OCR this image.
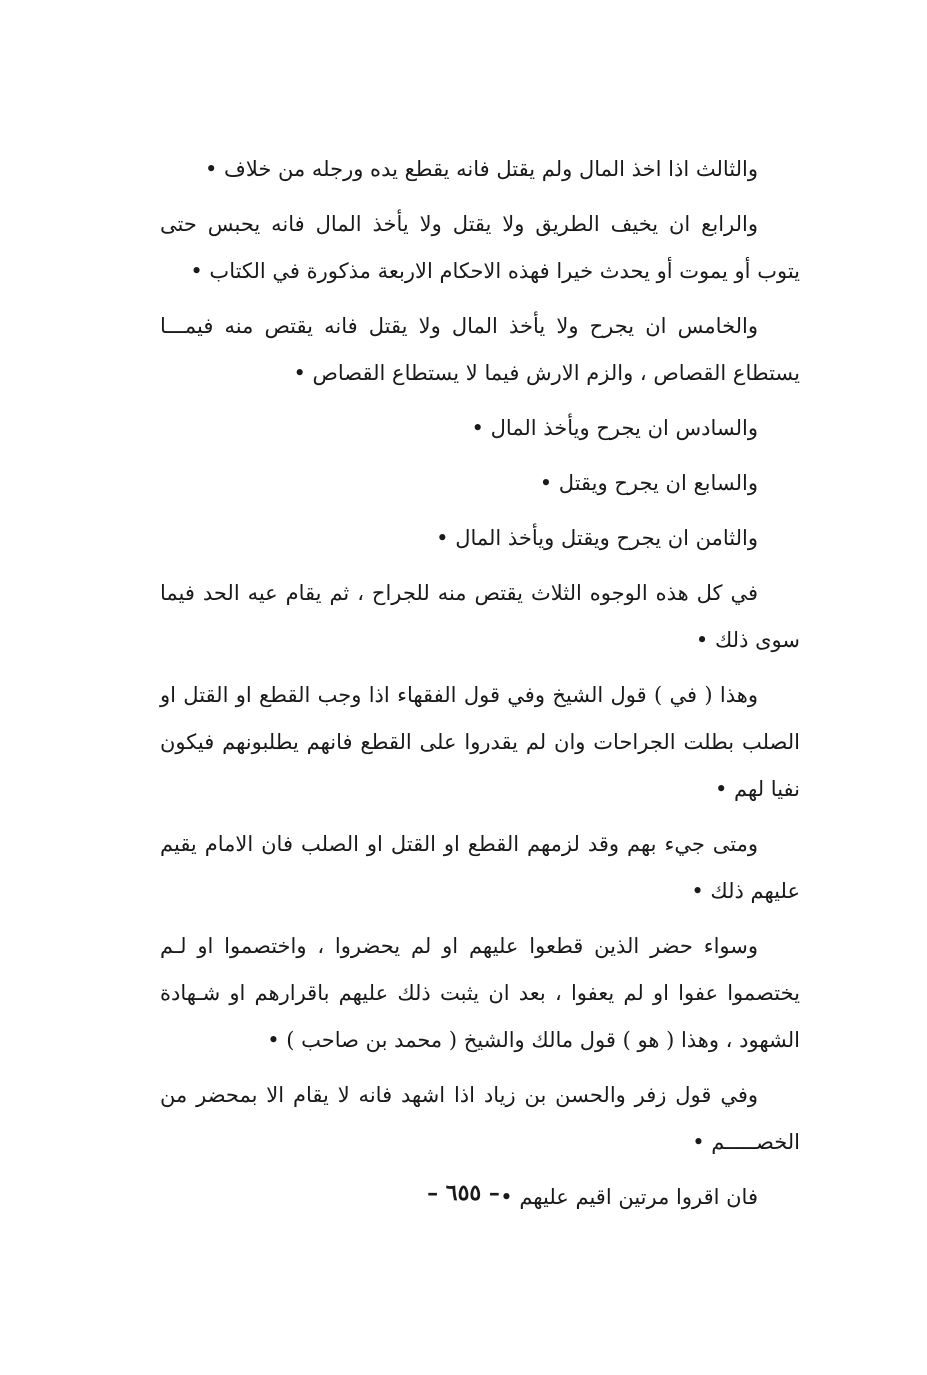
والثالث اذا اخذ المال ولم يقتل فانه يقطع يده ورجله من خلاف •

والرابع ان يخيف الطريق ولا يقتل ولا يأخذ المال فانه يحبس حتى يتوب أو يموت أو يحدث خيرا فهذه الاحكام الاربعة مذكورة في الكتاب •

والخامس ان يجرح ولا يأخذ المال ولا يقتل فانه يقتص منه فيمـــا يستطاع القصاص ، والزم الارش فيما لا يستطاع القصاص •

والسادس ان يجرح ويأخذ المال •

والسابع ان يجرح ويقتل •

والثامن ان يجرح ويقتل ويأخذ المال •

في كل هذه الوجوه الثلاث يقتص منه للجراح ، ثم يقام عيه الحد فيما سوى ذلك •

وهذا ( في ) قول الشيخ وفي قول الفقهاء اذا وجب القطع او القتل او الصلب بطلت الجراحات وان لم يقدروا على القطع فانهم يطلبونهم فيكون نفيا لهم •

ومتى جيء بهم وقد لزمهم القطع او القتل او الصلب فان الامام يقيم عليهم ذلك •

وسواء حضر الذين قطعوا عليهم او لم يحضروا ، واختصموا او لـم يختصموا عفوا او لم يعفوا ، بعد ان يثبت ذلك عليهم باقرارهم او شـهادة الشهود ، وهذا ( هو ) قول مالك والشيخ ( محمد بن صاحب ) •

وفي قول زفر والحسن بن زياد اذا اشهد فانه لا يقام الا بمحضر من الخصـــــم •

فان اقروا مرتين اقيم عليهم •

– ٦٥٥ –
